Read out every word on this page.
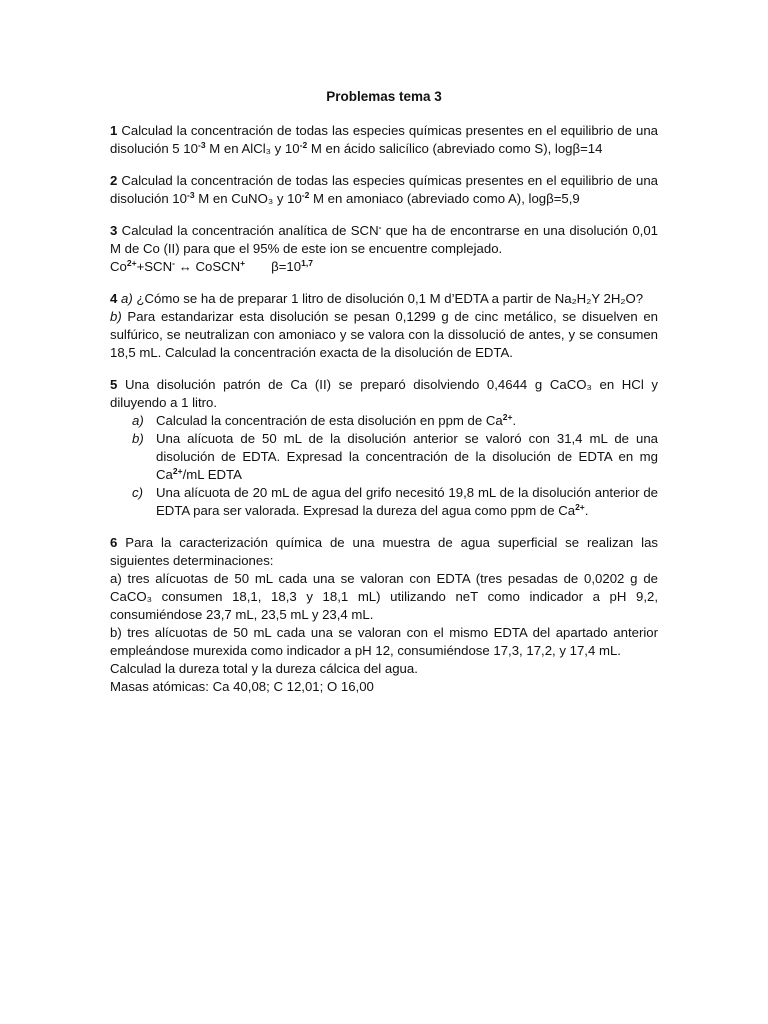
Problemas tema 3
1 Calculad la concentración de todas las especies químicas presentes en el equilibrio de una disolución 5 $10^{-3}$ M en AlCl₃ y $10^{-2}$ M en ácido salicílico (abreviado como S), logβ=14
2 Calculad la concentración de todas las especies químicas presentes en el equilibrio de una disolución $10^{-3}$ M en CuNO₃ y $10^{-2}$ M en amoniaco (abreviado como A), logβ=5,9

3 Calculad la concentración analítica de SCN- que ha de encontrarse en una disolución 0,01 M de Co (II) para que el 95% de este ion se encuentre complejado.

$Co^{2+}+SCN^-$ ↔ CoSCN+ $\beta=10^{1,7}$

4 a) ¿Cómo se ha de preparar 1 litro de disolución 0,1 M d’EDTA a partir de Na₂H₂Y 2H₂O?

b) Para estandarizar esta disolución se pesan 0,1299 g de cinc metálico, se disuelven en sulfúrico, se neutralizan con amoniaco y se valora con la dissolució de antes, y se consumen 18,5 mL. Calculad la concentración exacta de la disolución de EDTA.

5 Una disolución patrón de Ca (II) se preparó disolviendo 0,4644 g CaCO₃ en HCl y diluyendo a 1 litro.

a) Calculad la concentración de esta disolución en ppm de $Ca^{2+}$.
b) Una alícuota de 50 mL de la disolución anterior se valoró con 31,4 mL de una disolución de EDTA. Expresad la concentración de la disolución de EDTA en mg $Ca^{2+}/mL$ EDTA
c) Una alícuota de 20 mL de agua del grifo necesitó 19,8 mL de la disolución anterior de EDTA para ser valorada. Expresad la dureza del agua como ppm de $Ca^{2+}$.

6 Para la caracterización química de una muestra de agua superficial se realizan las siguientes determinaciones:

a) tres alícuotas de 50 mL cada una se valoran con EDTA (tres pesadas de 0,0202 g de CaCO₃ consumen 18,1, 18,3 y 18,1 mL) utilizando neT como indicador a pH 9,2, consumiéndose 23,7 mL, 23,5 mL y 23,4 mL.

b) tres alícuotas de 50 mL cada una se valoran con el mismo EDTA del apartado anterior empleándose murexida como indicador a pH 12, consumiéndose 17,3, 17,2, y 17,4 mL.

Calculad la dureza total y la dureza cálcica del agua.

Masas atómicas: Ca 40,08; C 12,01; O 16,00
